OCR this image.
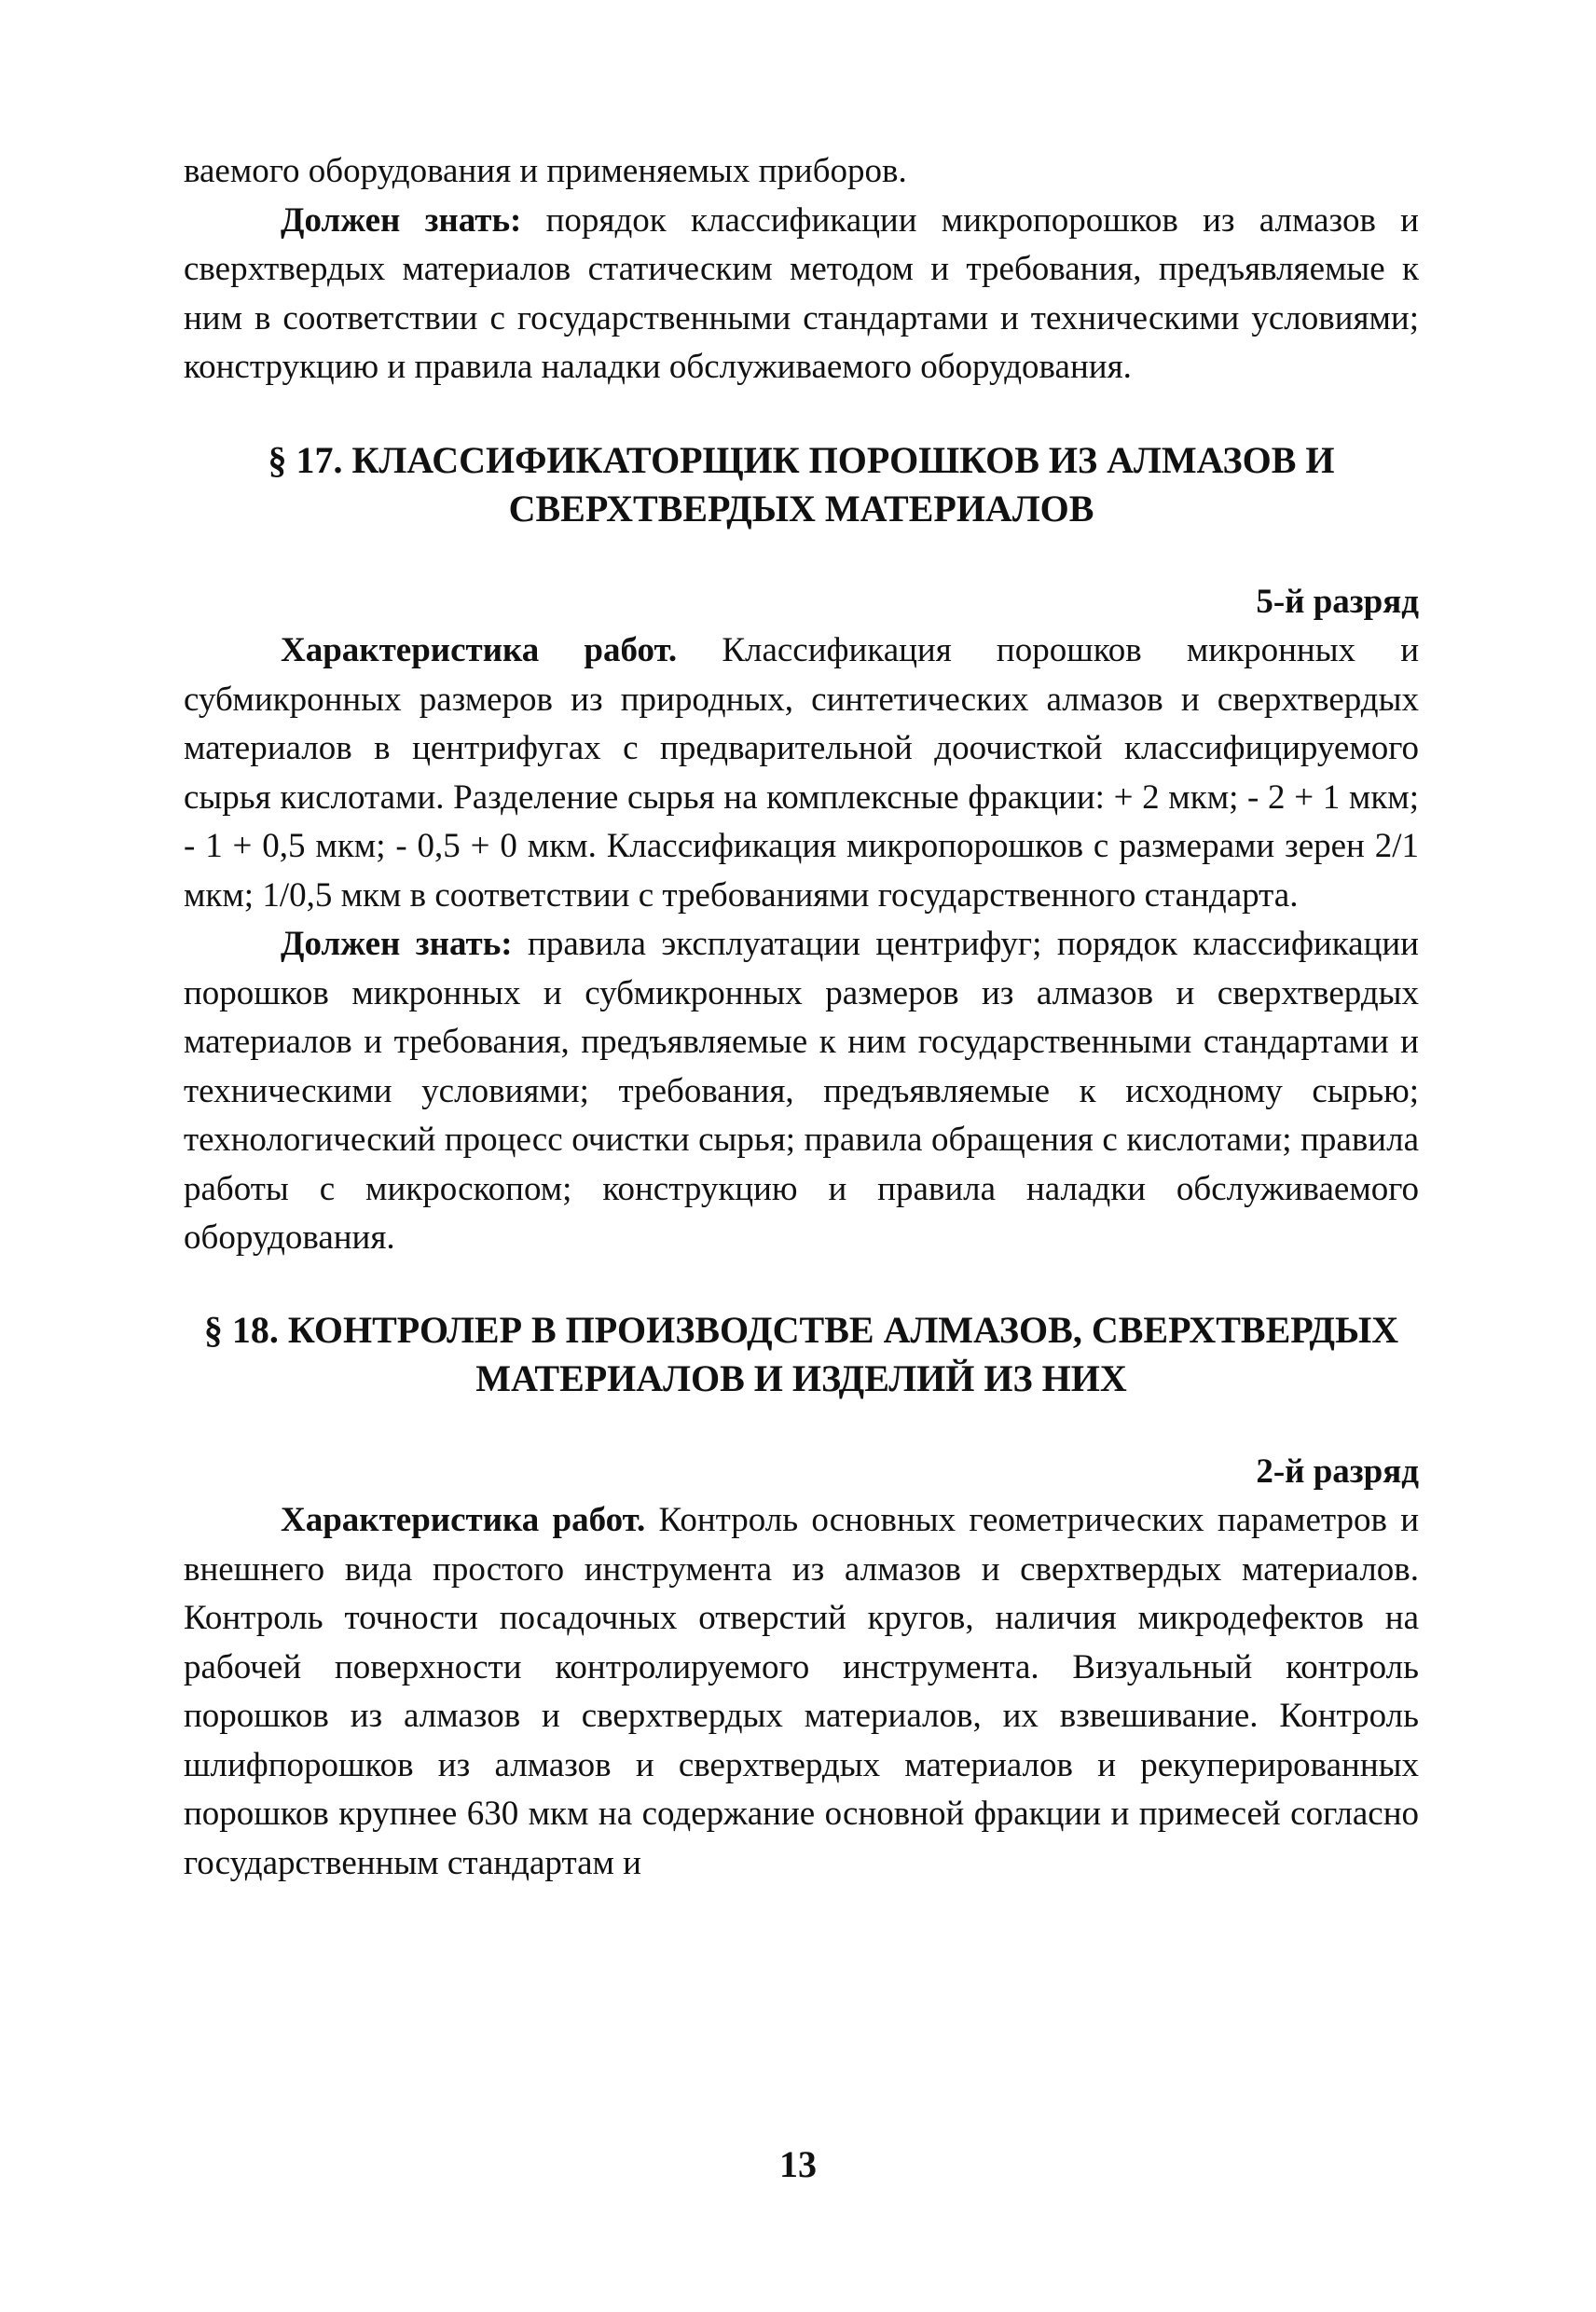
ваемого оборудования и применяемых приборов.

Должен знать: порядок классификации микропорошков из алмазов и сверхтвердых материалов статическим методом и требования, предъявляемые к ним в соответствии с государственными стандартами и техническими условиями; конструкцию и правила наладки обслуживаемого оборудования.

§ 17. КЛАССИФИКАТОРЩИК ПОРОШКОВ ИЗ АЛМАЗОВ И
СВЕРХТВЕРДЫХ МАТЕРИАЛОВ

5-й разряд

Характеристика работ. Классификация порошков микронных и субмикронных размеров из природных, синтетических алмазов и сверхтвердых материалов в центрифугах с предварительной доочисткой классифицируемого сырья кислотами. Разделение сырья на комплексные фракции: + 2 мкм; - 2 + 1 мкм; - 1 + 0,5 мкм; - 0,5 + 0 мкм. Классификация микропорошков с размерами зерен 2/1 мкм; 1/0,5 мкм в соответствии с требованиями государственного стандарта.

Должен знать: правила эксплуатации центрифуг; порядок классификации порошков микронных и субмикронных размеров из алмазов и сверхтвердых материалов и требования, предъявляемые к ним государственными стандартами и техническими условиями; требования, предъявляемые к исходному сырью; технологический процесс очистки сырья; правила обращения с кислотами; правила работы с микроскопом; конструкцию и правила наладки обслуживаемого оборудования.

§ 18. КОНТРОЛЕР В ПРОИЗВОДСТВЕ АЛМАЗОВ, СВЕРХТВЕРДЫХ
МАТЕРИАЛОВ И ИЗДЕЛИЙ ИЗ НИХ

2-й разряд

Характеристика работ. Контроль основных геометрических параметров и внешнего вида простого инструмента из алмазов и сверхтвердых материалов. Контроль точности посадочных отверстий кругов, наличия микродефектов на рабочей поверхности контролируемого инструмента. Визуальный контроль порошков из алмазов и сверхтвердых материалов, их взвешивание. Контроль шлифпорошков из алмазов и сверхтвердых материалов и рекуперированных порошков крупнее 630 мкм на содержание основной фракции и примесей согласно государственным стандартам и

13
